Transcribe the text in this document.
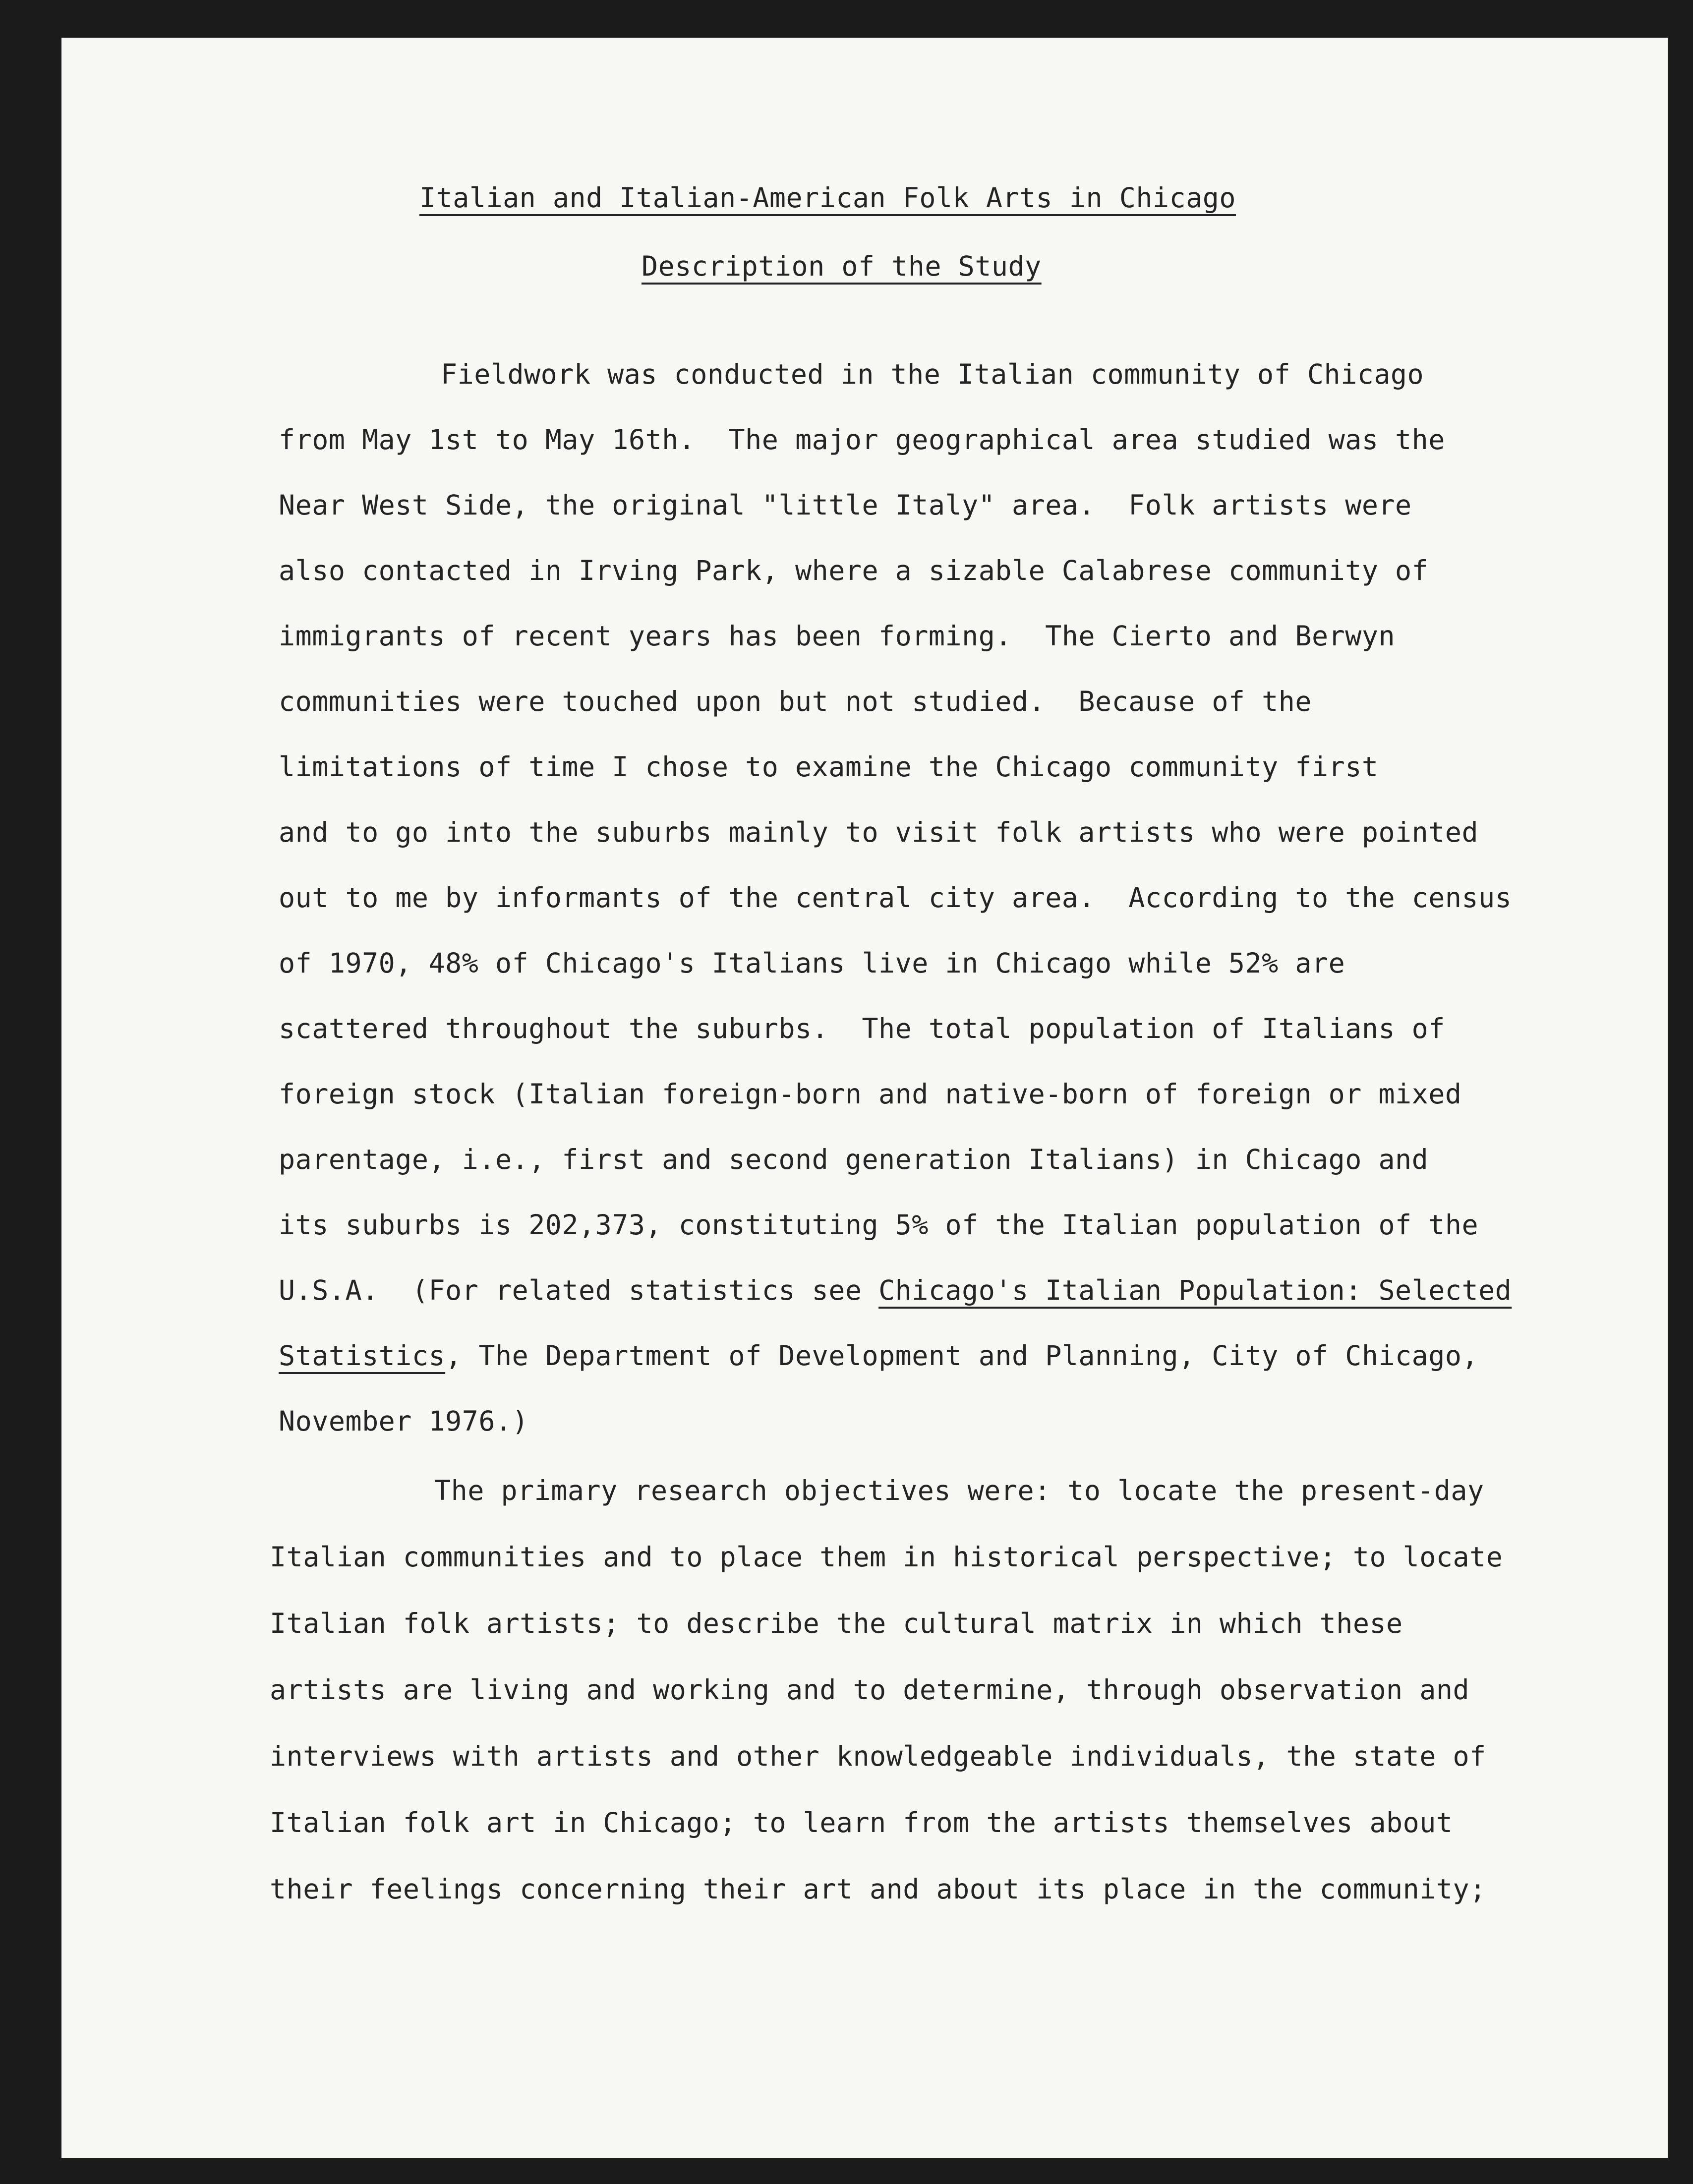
Italian and Italian-American Folk Arts in Chicago

Description of the Study

Fieldwork was conducted in the Italian community of Chicago

from May 1st to May 16th.  The major geographical area studied was the

Near West Side, the original "little Italy" area.  Folk artists were

also contacted in Irving Park, where a sizable Calabrese community of

immigrants of recent years has been forming.  The Cierto and Berwyn

communities were touched upon but not studied.  Because of the

limitations of time I chose to examine the Chicago community first

and to go into the suburbs mainly to visit folk artists who were pointed

out to me by informants of the central city area.  According to the census

of 1970, 48% of Chicago's Italians live in Chicago while 52% are

scattered throughout the suburbs.  The total population of Italians of

foreign stock (Italian foreign-born and native-born of foreign or mixed

parentage, i.e., first and second generation Italians) in Chicago and

its suburbs is 202,373, constituting 5% of the Italian population of the

U.S.A.  (For related statistics see Chicago's Italian Population: Selected

Statistics, The Department of Development and Planning, City of Chicago,

November 1976.)

The primary research objectives were: to locate the present-day

Italian communities and to place them in historical perspective; to locate

Italian folk artists; to describe the cultural matrix in which these

artists are living and working and to determine, through observation and

interviews with artists and other knowledgeable individuals, the state of

Italian folk art in Chicago; to learn from the artists themselves about

their feelings concerning their art and about its place in the community;
